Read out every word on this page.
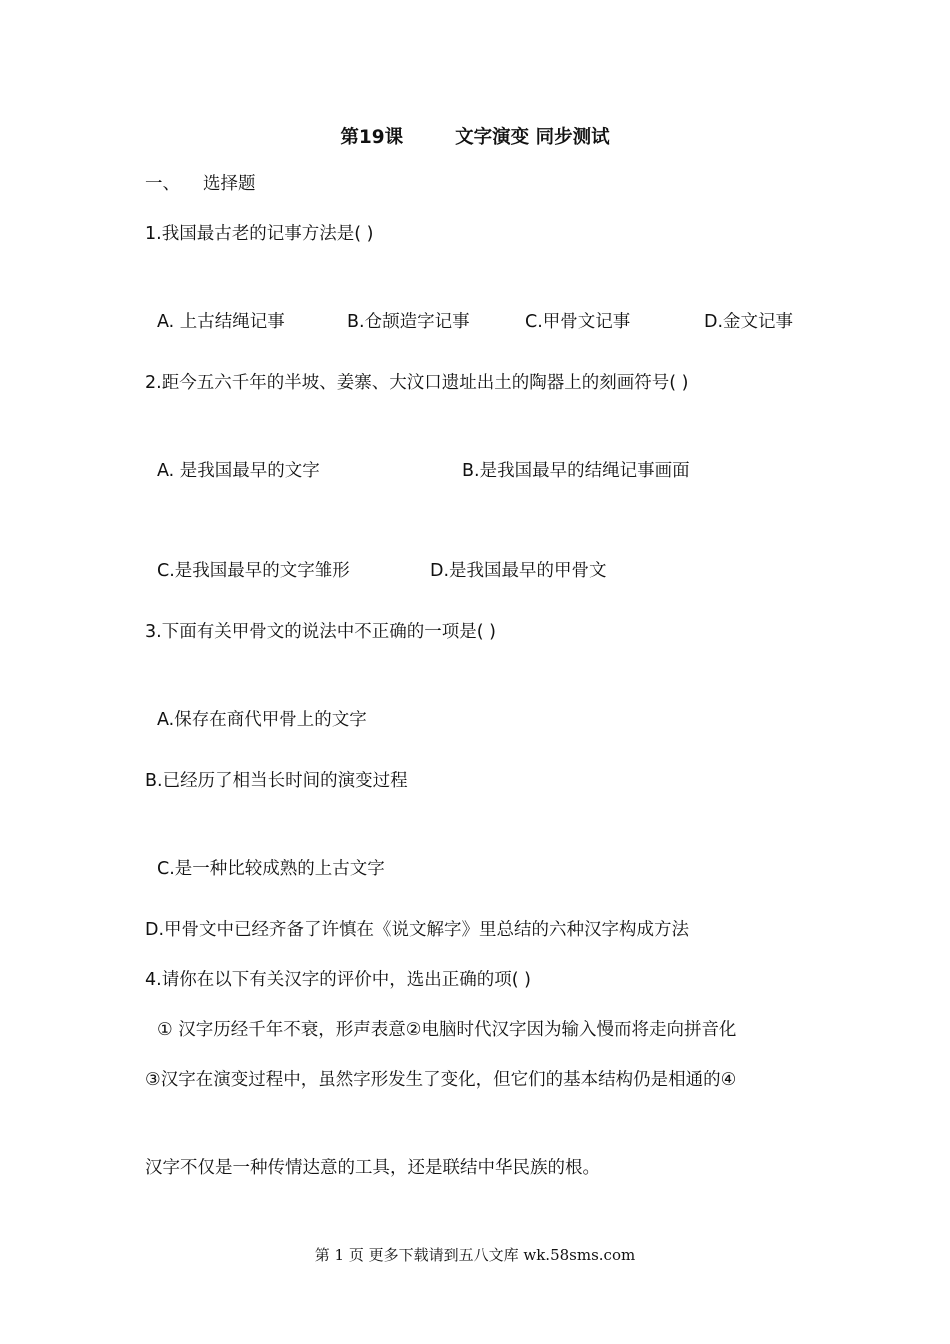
第19课	文字演变 同步测试
一、 选择题
1.我国最古老的记事方法是( )
A. 上古结绳记事	B.仓颉造字记事	C.甲骨文记事	D.金文记事
2.距今五六千年的半坡、姜寨、大汶口遗址出土的陶器上的刻画符号( )
A. 是我国最早的文字	B.是我国最早的结绳记事画面
C.是我国最早的文字雏形	D.是我国最早的甲骨文
3.下面有关甲骨文的说法中不正确的一项是( )
A.保存在商代甲骨上的文字
B.已经历了相当长时间的演变过程
C.是一种比较成熟的上古文字
D.甲骨文中已经齐备了许慎在《说文解字》里总结的六种汉字构成方法
4.请你在以下有关汉字的评价中，选出正确的项( )
① 汉字历经千年不衰，形声表意②电脑时代汉字因为输入慢而将走向拼音化
③汉字在演变过程中，虽然字形发生了变化，但它们的基本结构仍是相通的④
汉字不仅是一种传情达意的工具，还是联结中华民族的根。
第 1 页 更多下载请到五八文库 wk.58sms.com
